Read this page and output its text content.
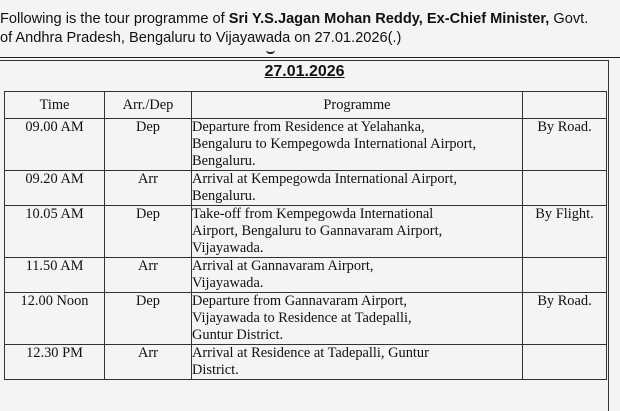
Following is the tour programme of Sri Y.S.Jagan Mohan Reddy, Ex-Chief Minister, Govt.
of Andhra Pradesh, Bengaluru to Vijayawada on 27.01.2026(.)
27.01.2026
Time	Arr./Dep	Programme	
09.00 AM	Dep	Departure from Residence at Yelahanka,
Bengaluru to Kempegowda International Airport,
Bengaluru.	By Road.
09.20 AM	Arr	Arrival at Kempegowda International Airport,
Bengaluru.	

10.05 AM	Dep	Take-off from Kempegowda International
Airport, Bengaluru to Gannavaram Airport,
Vijayawada.	By Flight.
11.50 AM	Arr	Arrival at Gannavaram Airport,
Vijayawada.	

12.00 Noon	Dep	Departure from Gannavaram Airport,
Vijayawada to Residence at Tadepalli,
Guntur District.	By Road.
12.30 PM	Arr	Arrival at Residence at Tadepalli, Guntur
District.	
